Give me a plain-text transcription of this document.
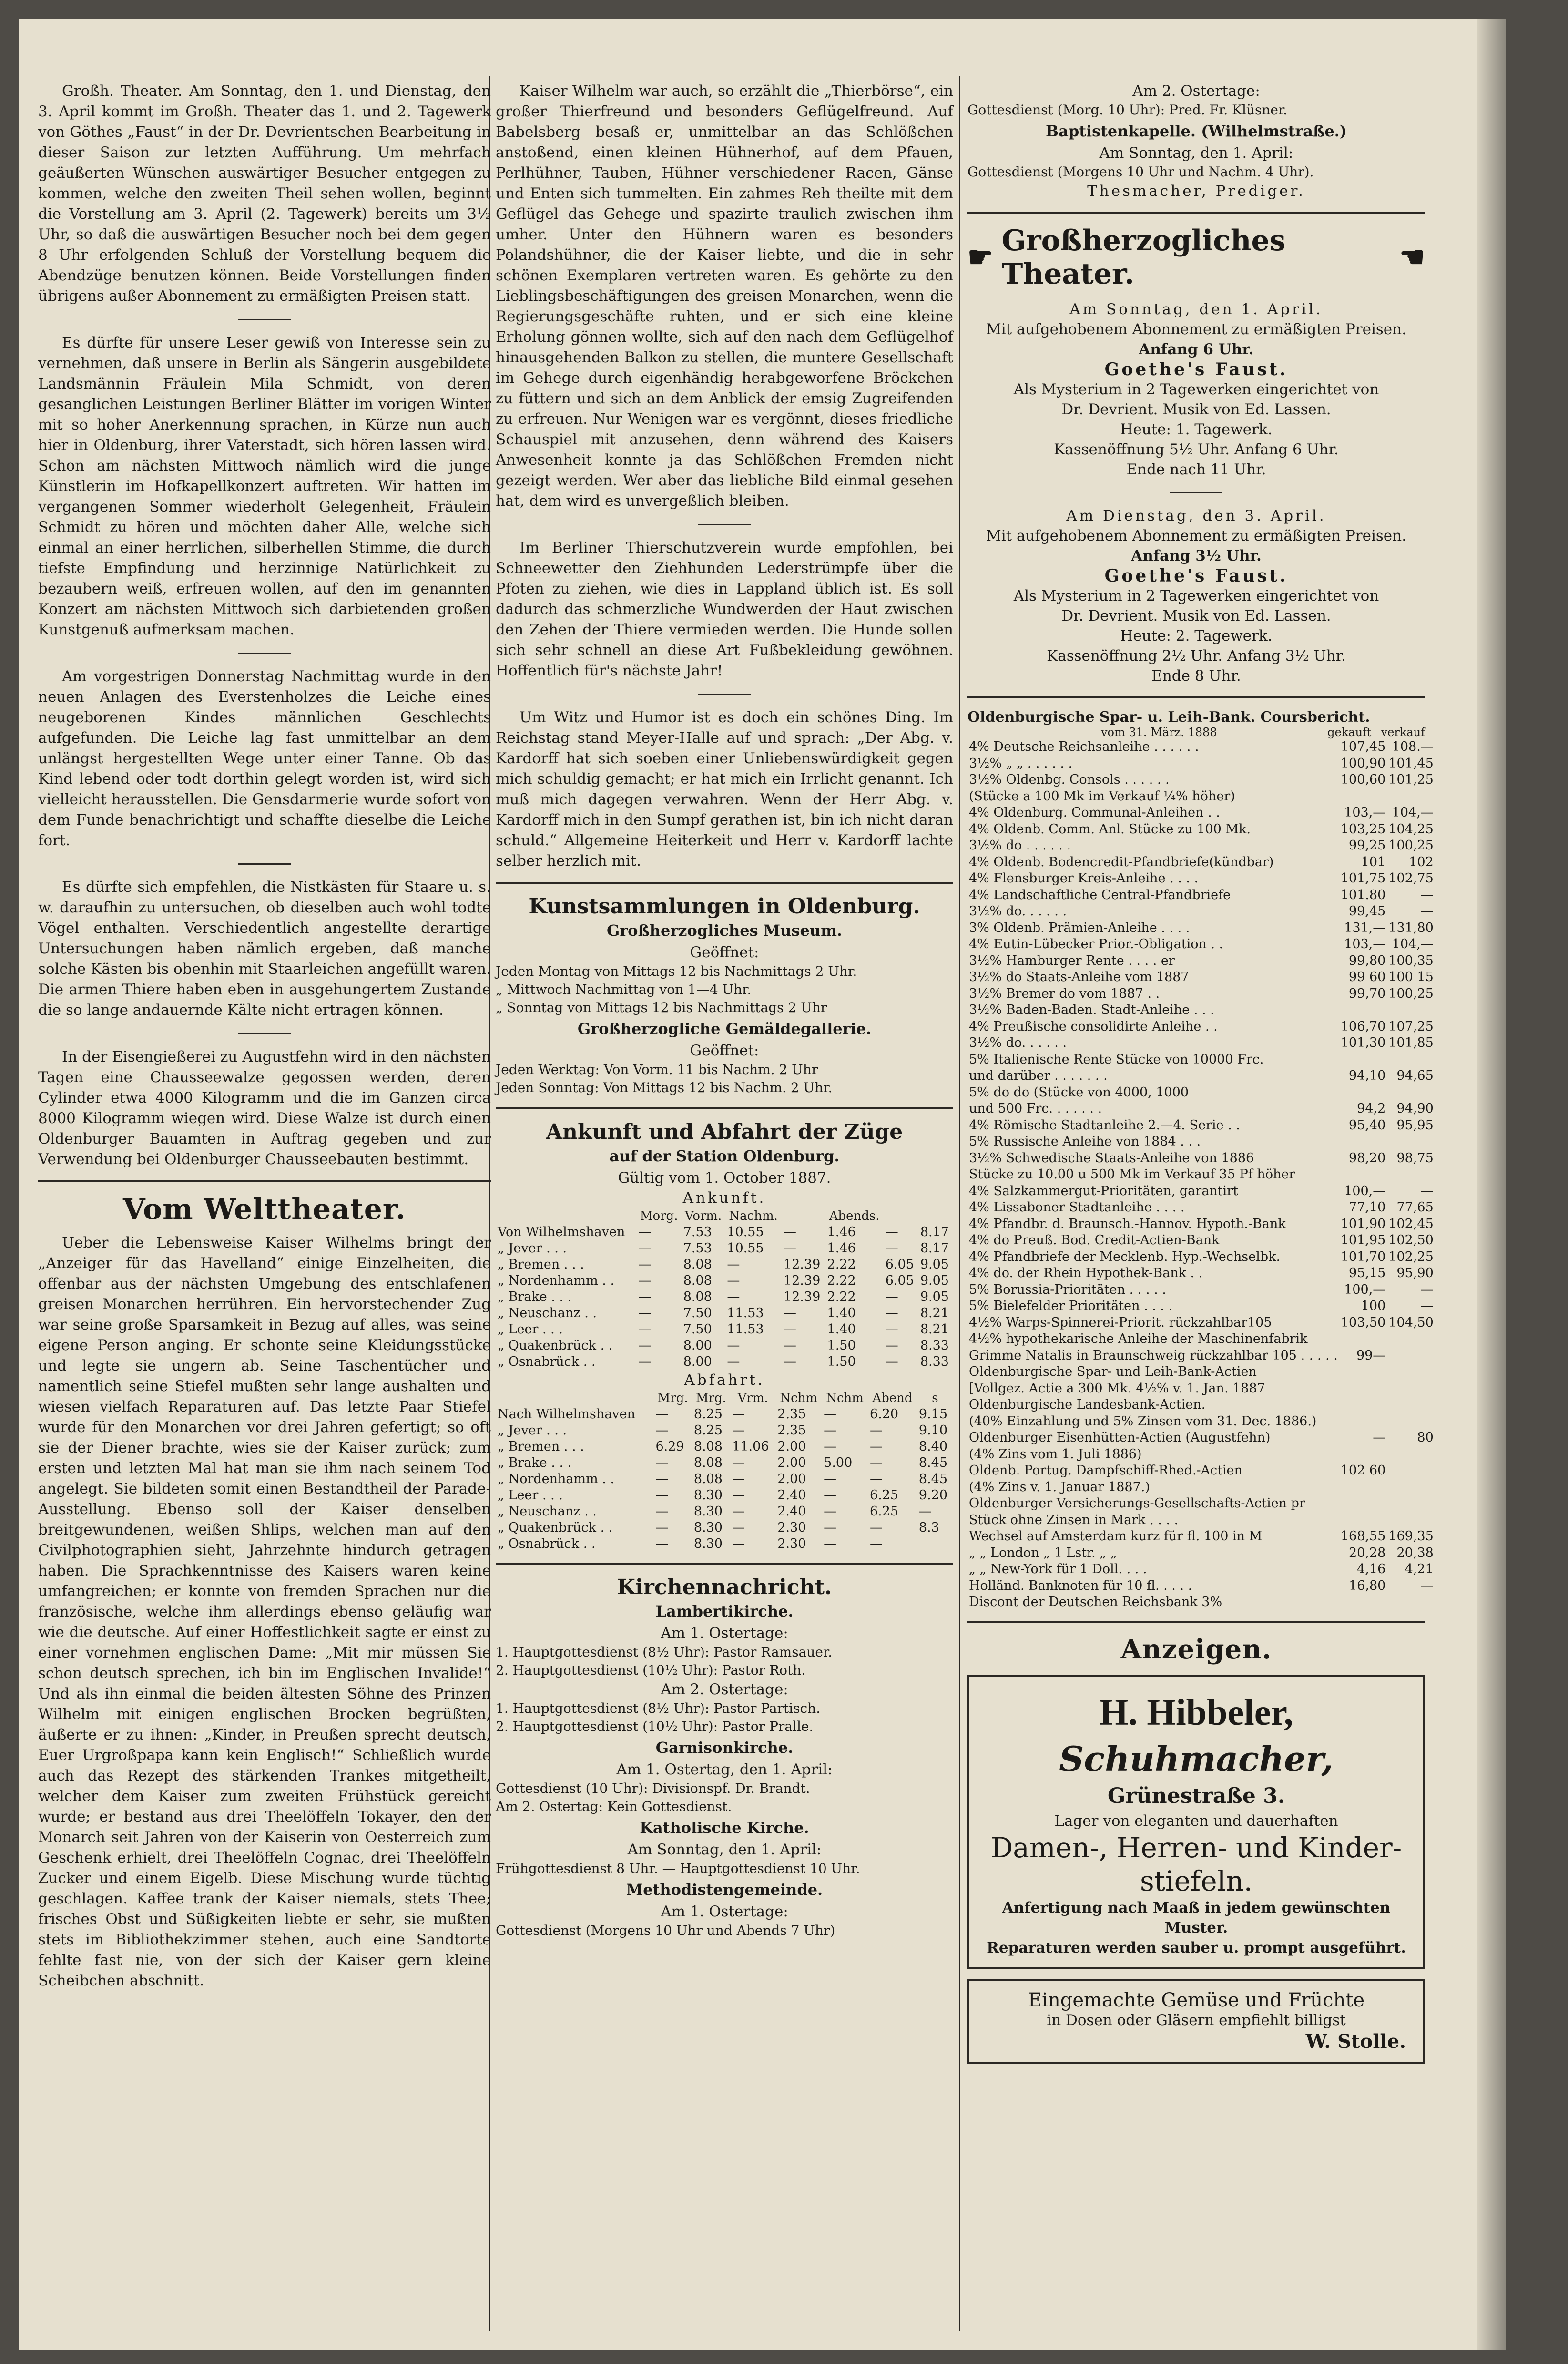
Großh. Theater. Am Sonntag, den 1. und Dienstag, den 3. April kommt im Großh. Theater das 1. und 2. Tagewerk von Göthes „Faust“ in der Dr. Devrientschen Bearbeitung in dieser Saison zur letzten Aufführung. Um mehrfach geäußerten Wünschen auswärtiger Besucher entgegen zu kommen, welche den zweiten Theil sehen wollen, beginnt die Vorstellung am 3. April (2. Tagewerk) bereits um 3½ Uhr, so daß die auswärtigen Besucher noch bei dem gegen 8 Uhr erfolgenden Schluß der Vorstellung bequem die Abendzüge benutzen können. Beide Vorstellungen finden übrigens außer Abonnement zu ermäßigten Preisen statt.

Es dürfte für unsere Leser gewiß von Interesse sein zu vernehmen, daß unsere in Berlin als Sängerin ausgebildete Landsmännin Fräulein Mila Schmidt, von deren gesanglichen Leistungen Berliner Blätter im vorigen Winter mit so hoher Anerkennung sprachen, in Kürze nun auch hier in Oldenburg, ihrer Vaterstadt, sich hören lassen wird. Schon am nächsten Mittwoch nämlich wird die junge Künstlerin im Hofkapellkonzert auftreten. Wir hatten im vergangenen Sommer wiederholt Gelegenheit, Fräulein Schmidt zu hören und möchten daher Alle, welche sich einmal an einer herrlichen, silberhellen Stimme, die durch tiefste Empfindung und herzinnige Natürlichkeit zu bezaubern weiß, erfreuen wollen, auf den im genannten Konzert am nächsten Mittwoch sich darbietenden großen Kunstgenuß aufmerksam machen.

Am vorgestrigen Donnerstag Nachmittag wurde in den neuen Anlagen des Everstenholzes die Leiche eines neugeborenen Kindes männlichen Geschlechts aufgefunden. Die Leiche lag fast unmittelbar an dem unlängst hergestellten Wege unter einer Tanne. Ob das Kind lebend oder todt dorthin gelegt worden ist, wird sich vielleicht herausstellen. Die Gensdarmerie wurde sofort von dem Funde benachrichtigt und schaffte dieselbe die Leiche fort.

Es dürfte sich empfehlen, die Nistkästen für Staare u. s. w. daraufhin zu untersuchen, ob dieselben auch wohl todte Vögel enthalten. Verschiedentlich angestellte derartige Untersuchungen haben nämlich ergeben, daß manche solche Kästen bis obenhin mit Staarleichen angefüllt waren. Die armen Thiere haben eben in ausgehungertem Zustande die so lange andauernde Kälte nicht ertragen können.

In der Eisengießerei zu Augustfehn wird in den nächsten Tagen eine Chausseewalze gegossen werden, deren Cylinder etwa 4000 Kilogramm und die im Ganzen circa 8000 Kilogramm wiegen wird. Diese Walze ist durch einen Oldenburger Bauamten in Auftrag gegeben und zur Verwendung bei Oldenburger Chausseebauten bestimmt.

Vom Welttheater.

Ueber die Lebensweise Kaiser Wilhelms bringt der „Anzeiger für das Havelland“ einige Einzelheiten, die offenbar aus der nächsten Umgebung des entschlafenen greisen Monarchen herrühren. Ein hervorstechender Zug war seine große Sparsamkeit in Bezug auf alles, was seine eigene Person anging. Er schonte seine Kleidungsstücke und legte sie ungern ab. Seine Taschentücher und namentlich seine Stiefel mußten sehr lange aushalten und wiesen vielfach Reparaturen auf. Das letzte Paar Stiefel wurde für den Monarchen vor drei Jahren gefertigt; so oft sie der Diener brachte, wies sie der Kaiser zurück; zum ersten und letzten Mal hat man sie ihm nach seinem Tod angelegt. Sie bildeten somit einen Bestandtheil der Parade-Ausstellung. Ebenso soll der Kaiser denselben breitgewundenen, weißen Shlips, welchen man auf den Civilphotographien sieht, Jahrzehnte hindurch getragen haben. Die Sprachkenntnisse des Kaisers waren keine umfangreichen; er konnte von fremden Sprachen nur die französische, welche ihm allerdings ebenso geläufig war wie die deutsche. Auf einer Hoffestlichkeit sagte er einst zu einer vornehmen englischen Dame: „Mit mir müssen Sie schon deutsch sprechen, ich bin im Englischen Invalide!“ Und als ihn einmal die beiden ältesten Söhne des Prinzen Wilhelm mit einigen englischen Brocken begrüßten, äußerte er zu ihnen: „Kinder, in Preußen sprecht deutsch, Euer Urgroßpapa kann kein Englisch!“ Schließlich wurde auch das Rezept des stärkenden Trankes mitgetheilt, welcher dem Kaiser zum zweiten Frühstück gereicht wurde; er bestand aus drei Theelöffeln Tokayer, den der Monarch seit Jahren von der Kaiserin von Oesterreich zum Geschenk erhielt, drei Theelöffeln Cognac, drei Theelöffeln Zucker und einem Eigelb. Diese Mischung wurde tüchtig geschlagen. Kaffee trank der Kaiser niemals, stets Thee; frisches Obst und Süßigkeiten liebte er sehr, sie mußten stets im Bibliothekzimmer stehen, auch eine Sandtorte fehlte fast nie, von der sich der Kaiser gern kleine Scheibchen abschnitt.

Kaiser Wilhelm war auch, so erzählt die „Thierbörse“, ein großer Thierfreund und besonders Geflügelfreund. Auf Babelsberg besaß er, unmittelbar an das Schlößchen anstoßend, einen kleinen Hühnerhof, auf dem Pfauen, Perlhühner, Tauben, Hühner verschiedener Racen, Gänse und Enten sich tummelten. Ein zahmes Reh theilte mit dem Geflügel das Gehege und spazirte traulich zwischen ihm umher. Unter den Hühnern waren es besonders Polandshühner, die der Kaiser liebte, und die in sehr schönen Exemplaren vertreten waren. Es gehörte zu den Lieblingsbeschäftigungen des greisen Monarchen, wenn die Regierungsgeschäfte ruhten, und er sich eine kleine Erholung gönnen wollte, sich auf den nach dem Geflügelhof hinausgehenden Balkon zu stellen, die muntere Gesellschaft im Gehege durch eigenhändig herabgeworfene Bröckchen zu füttern und sich an dem Anblick der emsig Zugreifenden zu erfreuen. Nur Wenigen war es vergönnt, dieses friedliche Schauspiel mit anzusehen, denn während des Kaisers Anwesenheit konnte ja das Schlößchen Fremden nicht gezeigt werden. Wer aber das liebliche Bild einmal gesehen hat, dem wird es unvergeßlich bleiben.

Im Berliner Thierschutzverein wurde empfohlen, bei Schneewetter den Ziehhunden Lederstrümpfe über die Pfoten zu ziehen, wie dies in Lappland üblich ist. Es soll dadurch das schmerzliche Wundwerden der Haut zwischen den Zehen der Thiere vermieden werden. Die Hunde sollen sich sehr schnell an diese Art Fußbekleidung gewöhnen. Hoffentlich für's nächste Jahr!

Um Witz und Humor ist es doch ein schönes Ding. Im Reichstag stand Meyer-Halle auf und sprach: „Der Abg. v. Kardorff hat sich soeben einer Unliebenswürdigkeit gegen mich schuldig gemacht; er hat mich ein Irrlicht genannt. Ich muß mich dagegen verwahren. Wenn der Herr Abg. v. Kardorff mich in den Sumpf gerathen ist, bin ich nicht daran schuld.“ Allgemeine Heiterkeit und Herr v. Kardorff lachte selber herzlich mit.

Kunstsammlungen in Oldenburg.
Großherzogliches Museum.
Geöffnet:
Jeden Montag von Mittags 12 bis Nachmittags 2 Uhr.
„ Mittwoch Nachmittag von 1—4 Uhr.
„ Sonntag von Mittags 12 bis Nachmittags 2 Uhr
Großherzogliche Gemäldegallerie.
Geöffnet:
Jeden Werktag: Von Vorm. 11 bis Nachm. 2 Uhr
Jeden Sonntag: Von Mittags 12 bis Nachm. 2 Uhr.
Ankunft und Abfahrt der Züge
auf der Station Oldenburg.
Gültig vom 1. October 1887.
Ankunft.
	Morg.	Vorm.	Nachm.		Abends.		
Von Wilhelmshaven	—	7.53	10.55	—	1.46	—	8.17
„ Jever . . .	—	7.53	10.55	—	1.46	—	8.17
„ Bremen . . .	—	8.08	—	12.39	2.22	6.05	9.05
„ Nordenhamm . .	—	8.08	—	12.39	2.22	6.05	9.05
„ Brake . . .	—	8.08	—	12.39	2.22	—	9.05
„ Neuschanz . .	—	7.50	11.53	—	1.40	—	8.21
„ Leer . . .	—	7.50	11.53	—	1.40	—	8.21
„ Quakenbrück . .	—	8.00	—	—	1.50	—	8.33
„ Osnabrück . .	—	8.00	—	—	1.50	—	8.33
Abfahrt.
	Mrg.	Mrg.	Vrm.	Nchm	Nchm	Abend	s
Nach Wilhelmshaven	—	8.25	—	2.35	—	6.20	9.15
„ Jever . . .	—	8.25	—	2.35	—	—	9.10
„ Bremen . . .	6.29	8.08	11.06	2.00	—	—	8.40
„ Brake . . .	—	8.08	—	2.00	5.00	—	8.45
„ Nordenhamm . .	—	8.08	—	2.00	—	—	8.45
„ Leer . . .	—	8.30	—	2.40	—	6.25	9.20
„ Neuschanz . .	—	8.30	—	2.40	—	6.25	—
„ Quakenbrück . .	—	8.30	—	2.30	—	—	8.3
„ Osnabrück . .	—	8.30	—	2.30	—	—	
Kirchennachricht.
Lambertikirche.
Am 1. Ostertage:
1. Hauptgottesdienst (8½ Uhr): Pastor Ramsauer.
2. Hauptgottesdienst (10½ Uhr): Pastor Roth.
Am 2. Ostertage:
1. Hauptgottesdienst (8½ Uhr): Pastor Partisch.
2. Hauptgottesdienst (10½ Uhr): Pastor Pralle.
Garnisonkirche.
Am 1. Ostertag, den 1. April:
Gottesdienst (10 Uhr): Divisionspf. Dr. Brandt.
Am 2. Ostertag: Kein Gottesdienst.
Katholische Kirche.
Am Sonntag, den 1. April:
Frühgottesdienst 8 Uhr. — Hauptgottesdienst 10 Uhr.
Methodistengemeinde.
Am 1. Ostertage:
Gottesdienst (Morgens 10 Uhr und Abends 7 Uhr)
Am 2. Ostertage:
Gottesdienst (Morg. 10 Uhr): Pred. Fr. Klüsner.
Baptistenkapelle. (Wilhelmstraße.)
Am Sonntag, den 1. April:
Gottesdienst (Morgens 10 Uhr und Nachm. 4 Uhr).
Thesmacher, Prediger.
☛ Großherzogliches Theater.	☚
Am Sonntag, den 1. April.
Mit aufgehobenem Abonnement zu ermäßigten Preisen.
Anfang 6 Uhr.
Goethe's Faust.
Als Mysterium in 2 Tagewerken eingerichtet von
Dr. Devrient. Musik von Ed. Lassen.
Heute: 1. Tagewerk.
Kassenöffnung 5½ Uhr. Anfang 6 Uhr.
Ende nach 11 Uhr.
Am Dienstag, den 3. April.
Mit aufgehobenem Abonnement zu ermäßigten Preisen.
Anfang 3½ Uhr.
Goethe's Faust.
Als Mysterium in 2 Tagewerken eingerichtet von
Dr. Devrient. Musik von Ed. Lassen.
Heute: 2. Tagewerk.
Kassenöffnung 2½ Uhr. Anfang 3½ Uhr.
Ende 8 Uhr.
Oldenburgische Spar- u. Leih-Bank. Coursbericht.
vom 31. März. 1888	gekauft verkauf
4% Deutsche Reichsanleihe . . . . . .	107,45	108.—
3½% „ „ . . . . . .	100,90	101,45
3½% Oldenbg. Consols . . . . . .	100,60	101,25
(Stücke a 100 Mk im Verkauf ¼% höher)		
4% Oldenburg. Communal-Anleihen . .	103,—	104,—
4% Oldenb. Comm. Anl. Stücke zu 100 Mk.	103,25	104,25
3½% do . . . . . .	99,25	100,25
4% Oldenb. Bodencredit-Pfandbriefe(kündbar)	101	102
4% Flensburger Kreis-Anleihe . . . .	101,75	102,75
4% Landschaftliche Central-Pfandbriefe	101.80	—
3½% do. . . . . .	99,45	—
3% Oldenb. Prämien-Anleihe . . . .	131,—	131,80
4% Eutin-Lübecker Prior.-Obligation . .	103,—	104,—
3½% Hamburger Rente . . . . er	99,80	100,35
3½% do Staats-Anleihe vom 1887	99 60	100 15
3½% Bremer do vom 1887 . .	99,70	100,25
3½% Baden-Baden. Stadt-Anleihe . . .		
4% Preußische consolidirte Anleihe . .	106,70	107,25
3½% do. . . . . .	101,30	101,85
5% Italienische Rente Stücke von 10000 Frc.		
und darüber . . . . . . .	94,10	94,65
5% do do (Stücke von 4000, 1000		
und 500 Frc. . . . . . .	94,2	94,90
4% Römische Stadtanleihe 2.—4. Serie . .	95,40	95,95
5% Russische Anleihe von 1884 . . .		
3½% Schwedische Staats-Anleihe von 1886	98,20	98,75
Stücke zu 10.00 u 500 Mk im Verkauf 35 Pf höher		
4% Salzkammergut-Prioritäten, garantirt	100,—	—
4% Lissaboner Stadtanleihe . . . .	77,10	77,65
4% Pfandbr. d. Braunsch.-Hannov. Hypoth.-Bank	101,90	102,45
4% do Preuß. Bod. Credit-Actien-Bank	101,95	102,50
4% Pfandbriefe der Mecklenb. Hyp.-Wechselbk.	101,70	102,25
4% do. der Rhein Hypothek-Bank . .	95,15	95,90
5% Borussia-Prioritäten . . . . .	100,—	—
5% Bielefelder Prioritäten . . . .	100	—
4½% Warps-Spinnerei-Priorit. rückzahlbar105	103,50	104,50
4½% hypothekarische Anleihe der Maschinenfabrik		
Grimme Natalis in Braunschweig rückzahlbar 105 . . . . .	99—	
Oldenburgische Spar- und Leih-Bank-Actien		
[Vollgez. Actie a 300 Mk. 4½% v. 1. Jan. 1887		
Oldenburgische Landesbank-Actien.		
(40% Einzahlung und 5% Zinsen vom 31. Dec. 1886.)		
Oldenburger Eisenhütten-Actien (Augustfehn)	—	80
(4% Zins vom 1. Juli 1886)		
Oldenb. Portug. Dampfschiff-Rhed.-Actien	102 60	
(4% Zins v. 1. Januar 1887.)		
Oldenburger Versicherungs-Gesellschafts-Actien pr		
Stück ohne Zinsen in Mark . . . .		
Wechsel auf Amsterdam kurz für fl. 100 in M	168,55	169,35
„ „ London „ 1 Lstr. „ „	20,28	20,38
„ „ New-York für 1 Doll. . . .	4,16	4,21
Holländ. Banknoten für 10 fl. . . . .	16,80	—
Discont der Deutschen Reichsbank 3%		
Anzeigen.
H. Hibbeler,
Schuhmacher,
Grünestraße 3.
Lager von eleganten und dauerhaften
Damen-, Herren- und Kinder-
stiefeln.
Anfertigung nach Maaß in jedem gewünschten Muster.
Reparaturen werden sauber u. prompt ausgeführt.
Eingemachte Gemüse und Früchte
in Dosen oder Gläsern empfiehlt billigst
W. Stolle.
